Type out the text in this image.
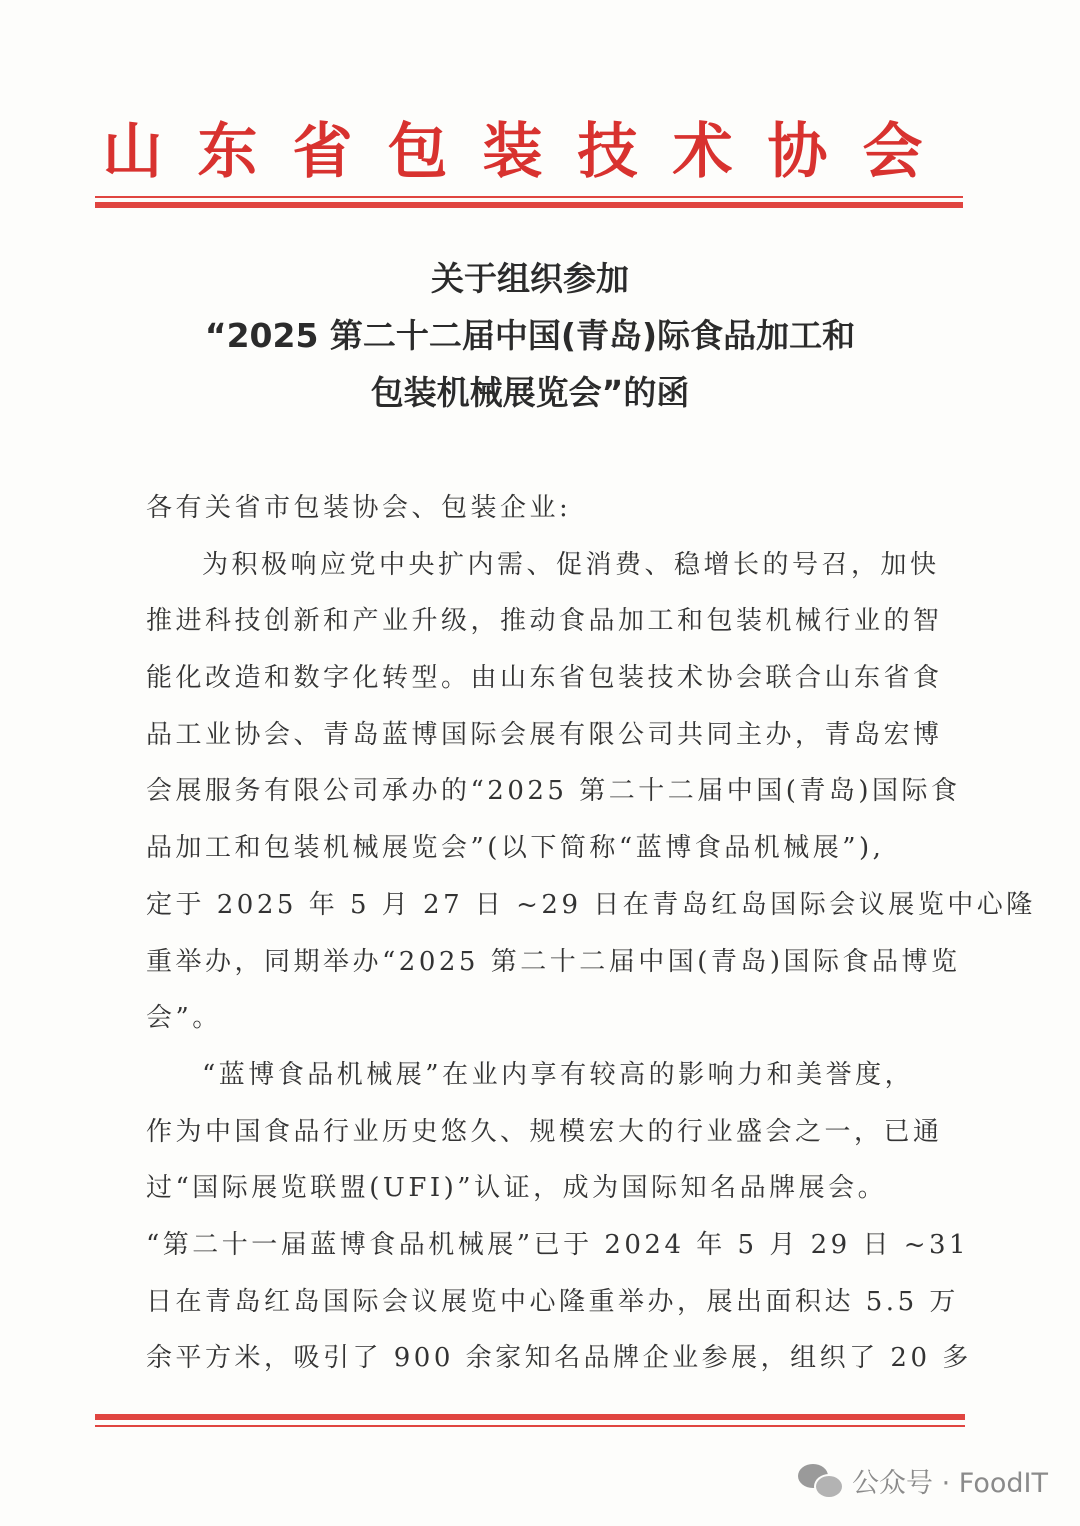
山东省包装技术协会
关于组织参加
“2025 第二十二届中国(青岛)际食品加工和
包装机械展览会”的函
各有关省市包装协会、包装企业:
为积极响应党中央扩内需、促消费、稳增长的号召，加快
推进科技创新和产业升级，推动食品加工和包装机械行业的智
能化改造和数字化转型。由山东省包装技术协会联合山东省食
品工业协会、青岛蓝博国际会展有限公司共同主办，青岛宏博
会展服务有限公司承办的“2025 第二十二届中国(青岛)国际食
品加工和包装机械展览会”(以下简称“蓝博食品机械展”),
定于 2025 年 5 月 27 日 ~29 日在青岛红岛国际会议展览中心隆
重举办，同期举办“2025 第二十二届中国(青岛)国际食品博览
会”。
“蓝博食品机械展”在业内享有较高的影响力和美誉度，
作为中国食品行业历史悠久、规模宏大的行业盛会之一，已通
过“国际展览联盟(UFI)”认证，成为国际知名品牌展会。
“第二十一届蓝博食品机械展”已于 2024 年 5 月 29 日 ~31
日在青岛红岛国际会议展览中心隆重举办，展出面积达 5.5 万
余平方米，吸引了 900 余家知名品牌企业参展，组织了 20 多
公众号 · FoodIT
